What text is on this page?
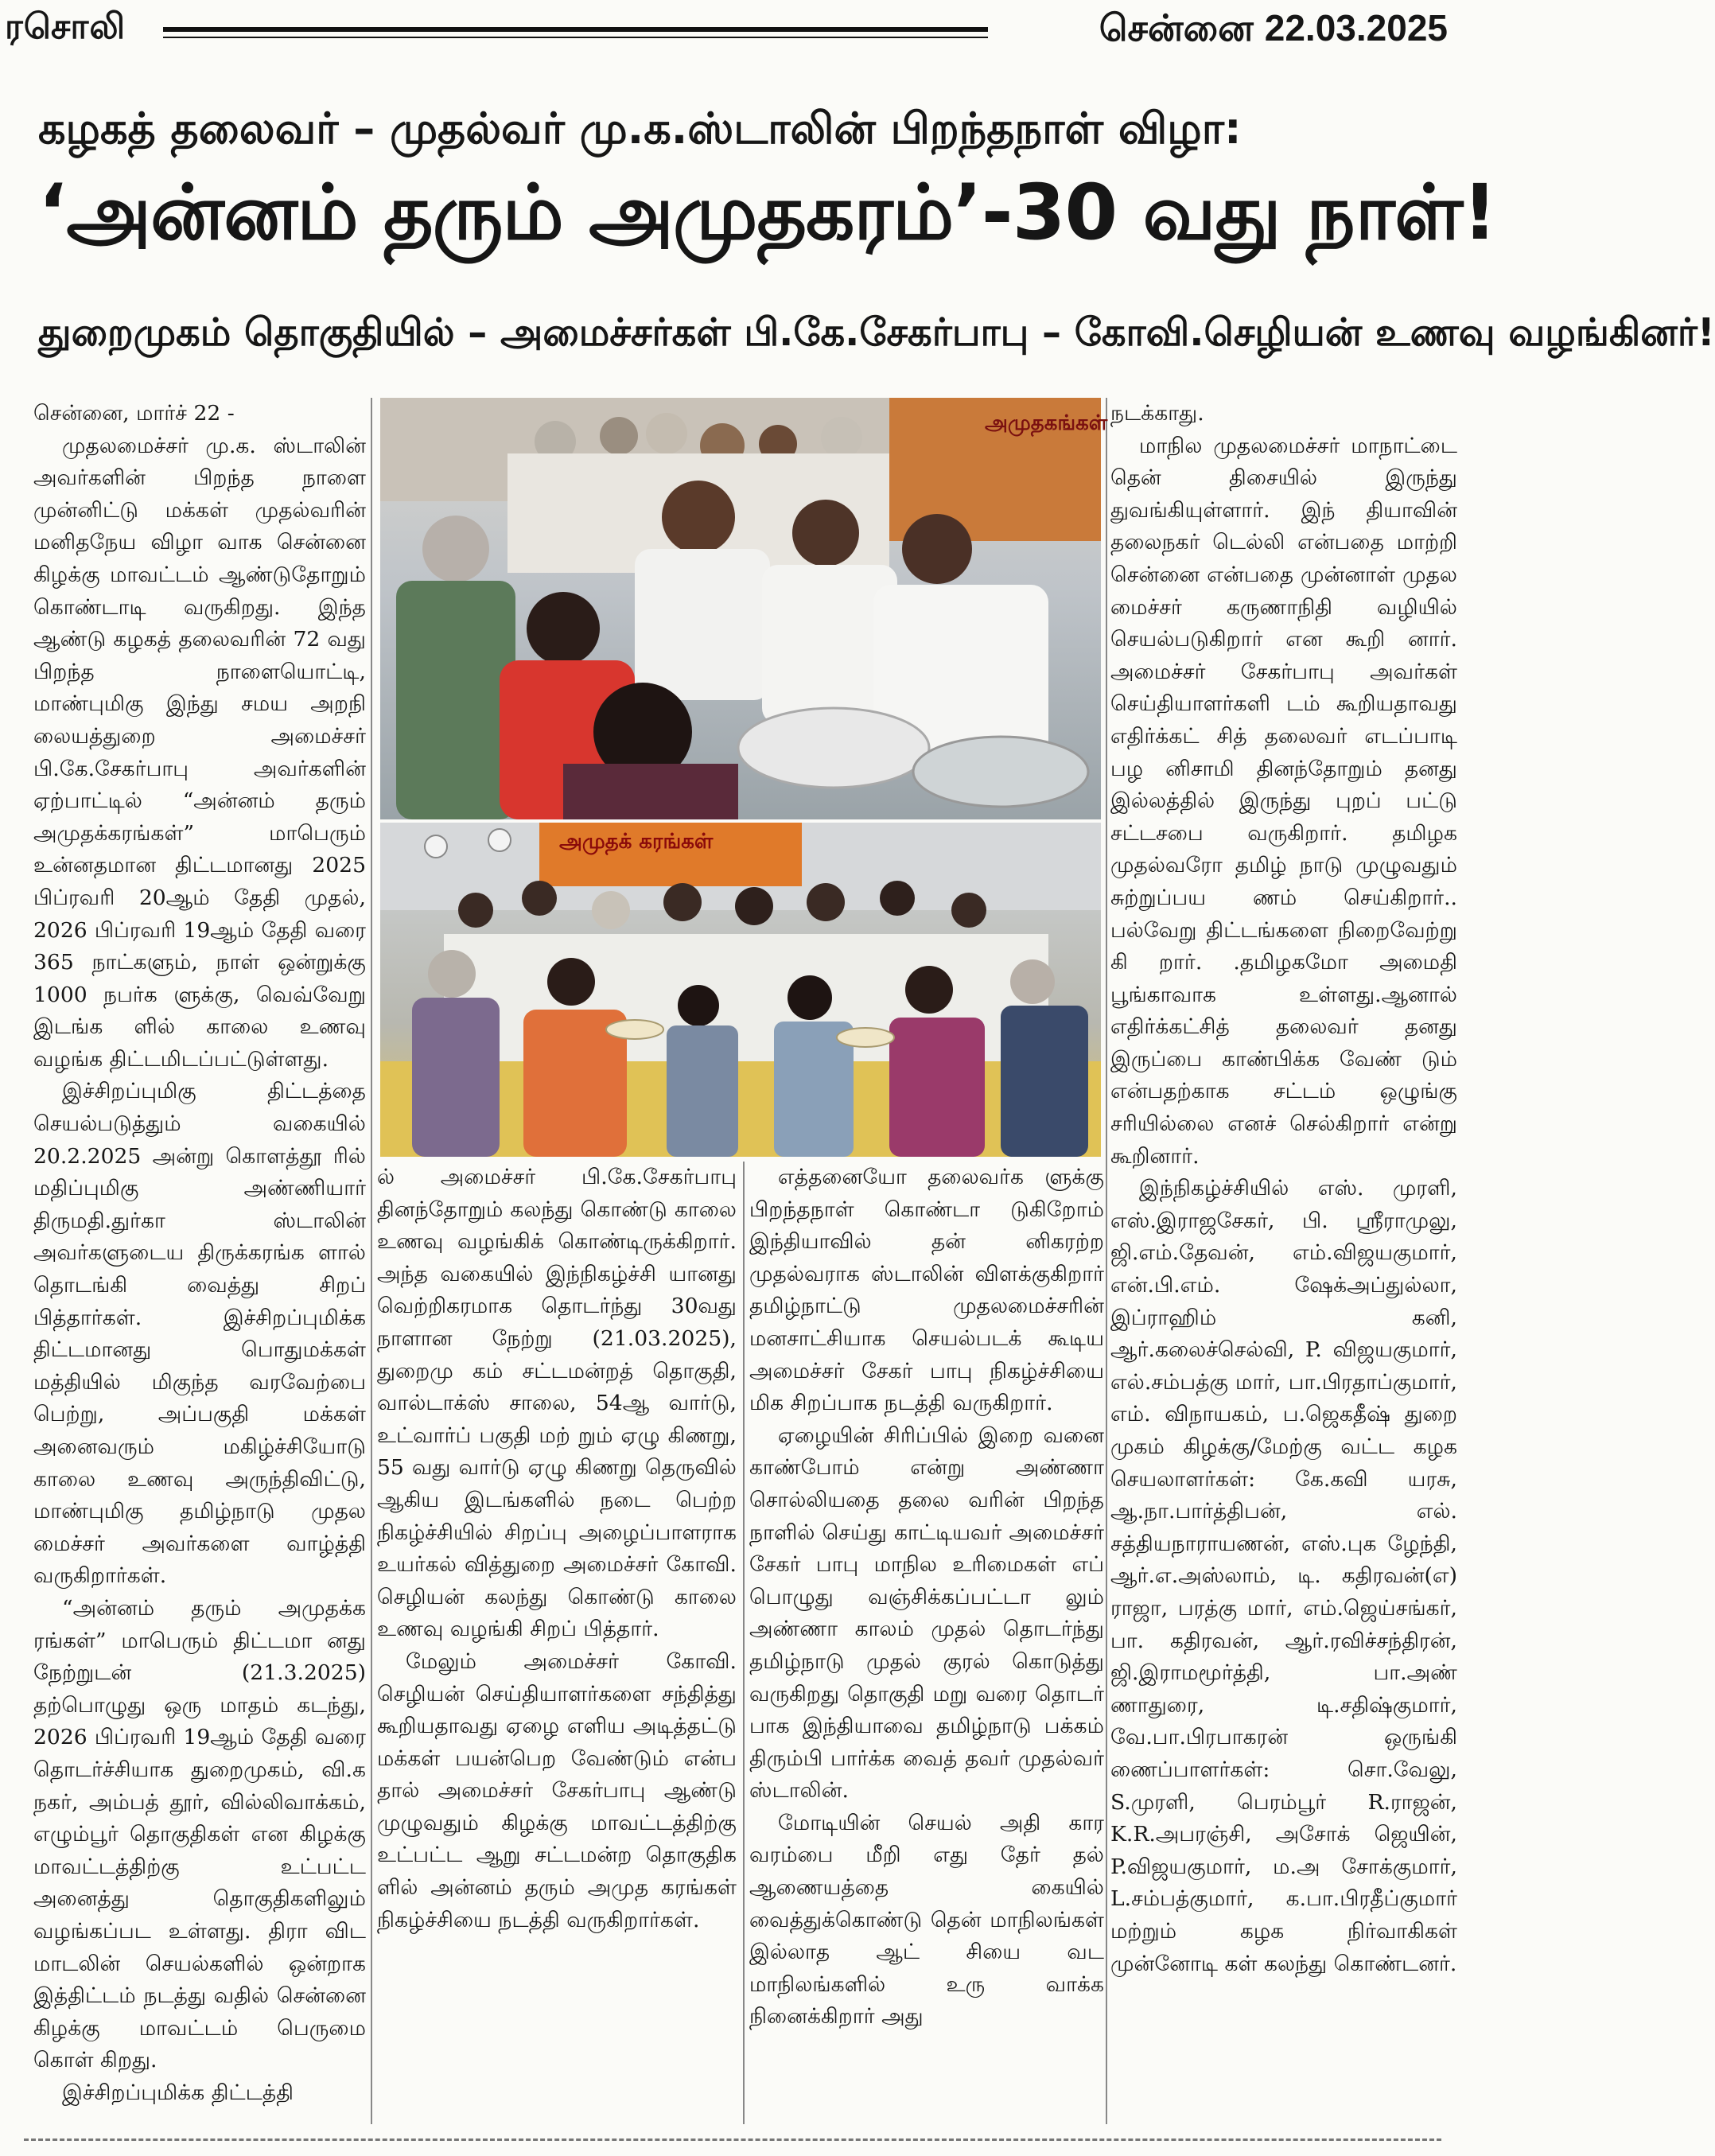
ரசொலி	சென்னை 22.03.2025
கழகத் தலைவர் – முதல்வர் மு.க.ஸ்டாலின் பிறந்தநாள் விழா:
‘அன்னம் தரும் அமுதகரம்’-30 வது நாள்!
துறைமுகம் தொகுதியில் – அமைச்சர்கள் பி.கே.சேகர்பாபு – கோவி.செழியன் உணவு வழங்கினர்!
அமுதகங்கள்
அமுதக் கரங்கள்

சென்னை, மார்ச் 22 -

முதலமைச்சர் மு.க. ஸ்டாலின் அவர்களின் பிறந்த நாளை முன்னிட்டு மக்கள் முதல்வரின் மனிதநேய விழா வாக சென்னை கிழக்கு மாவட்டம் ஆண்டுதோறும் கொண்டாடி வருகிறது. இந்த ஆண்டு கழகத் தலைவரின் 72 வது பிறந்த நாளையொட்டி, மாண்புமிகு இந்து சமய அறநி லையத்துறை அமைச்சர் பி.கே.சேகர்பாபு அவர்களின் ஏற்பாட்டில் “அன்னம் தரும் அமுதக்கரங்கள்” மாபெரும் உன்னதமான திட்டமானது 2025 பிப்ரவரி 20ஆம் தேதி முதல், 2026 பிப்ரவரி 19ஆம் தேதி வரை 365 நாட்களும், நாள் ஒன்றுக்கு 1000 நபர்க ளுக்கு, வெவ்வேறு இடங்க ளில் காலை உணவு வழங்க திட்டமிடப்பட்டுள்ளது.

இச்சிறப்புமிகு திட்டத்தை செயல்படுத்தும் வகையில் 20.2.2025 அன்று கொளத்தூ ரில் மதிப்புமிகு அண்ணியார் திருமதி.துர்கா ஸ்டாலின் அவர்களுடைய திருக்கரங்க ளால் தொடங்கி வைத்து சிறப் பித்தார்கள். இச்சிறப்புமிக்க திட்டமானது பொதுமக்கள் மத்தியில் மிகுந்த வரவேற்பை பெற்று, அப்பகுதி மக்கள் அனைவரும் மகிழ்ச்சியோடு காலை உணவு அருந்திவிட்டு, மாண்புமிகு தமிழ்நாடு முதல மைச்சர் அவர்களை வாழ்த்தி வருகிறார்கள்.

“அன்னம் தரும் அமுதக்க ரங்கள்” மாபெரும் திட்டமா னது நேற்றுடன் (21.3.2025) தற்பொழுது ஒரு மாதம் கடந்து, 2026 பிப்ரவரி 19ஆம் தேதி வரை தொடர்ச்சியாக துறைமுகம், வி.க நகர், அம்பத் தூர், வில்லிவாக்கம், எழும்பூர் தொகுதிகள் என கிழக்கு மாவட்டத்திற்கு உட்பட்ட அனைத்து தொகுதிகளிலும் வழங்கப்பட உள்ளது. திரா விட மாடலின் செயல்களில் ஒன்றாக இத்திட்டம் நடத்து வதில் சென்னை கிழக்கு மாவட்டம் பெருமை கொள் கிறது.

இச்சிறப்புமிக்க திட்டத்தி

ல் அமைச்சர் பி.கே.சேகர்பாபு தினந்தோறும் கலந்து கொண்டு காலை உணவு வழங்கிக் கொண்டிருக்கிறார். அந்த வகையில் இந்நிகழ்ச்சி யானது வெற்றிகரமாக தொடர்ந்து 30வது நாளான நேற்று (21.03.2025), துறைமு கம் சட்டமன்றத் தொகுதி, வால்டாக்ஸ் சாலை, 54ஆ வார்டு, உட்வார்ப் பகுதி மற் றும் ஏழு கிணறு, 55 வது வார்டு ஏழு கிணறு தெருவில் ஆகிய இடங்களில் நடை பெற்ற நிகழ்ச்சியில் சிறப்பு அழைப்பாளராக உயர்கல் வித்துறை அமைச்சர் கோவி. செழியன் கலந்து கொண்டு காலை உணவு வழங்கி சிறப் பித்தார்.

மேலும் அமைச்சர் கோவி. செழியன் செய்தியாளர்களை சந்தித்து கூறியதாவது ஏழை எளிய அடித்தட்டு மக்கள் பயன்பெற வேண்டும் என்ப தால் அமைச்சர் சேகர்பாபு ஆண்டு முழுவதும் கிழக்கு மாவட்டத்திற்கு உட்பட்ட ஆறு சட்டமன்ற தொகுதிக ளில் அன்னம் தரும் அமுத கரங்கள் நிகழ்ச்சியை நடத்தி வருகிறார்கள்.

எத்தனையோ தலைவர்க ளுக்கு பிறந்தநாள் கொண்டா டுகிறோம் இந்தியாவில் தன் னிகரற்ற முதல்வராக ஸ்டாலின் விளக்குகிறார் தமிழ்நாட்டு முதலமைச்சரின் மனசாட்சியாக செயல்படக் கூடிய அமைச்சர் சேகர் பாபு நிகழ்ச்சியை மிக சிறப்பாக நடத்தி வருகிறார்.

ஏழையின் சிரிப்பில் இறை வனை காண்போம் என்று அண்ணா சொல்லியதை தலை வரின் பிறந்த நாளில் செய்து காட்டியவர் அமைச்சர் சேகர் பாபு மாநில உரிமைகள் எப் பொழுது வஞ்சிக்கப்பட்டா லும் அண்ணா காலம் முதல் தொடர்ந்து தமிழ்நாடு முதல் குரல் கொடுத்து வருகிறது தொகுதி மறு வரை தொடர் பாக இந்தியாவை தமிழ்நாடு பக்கம் திரும்பி பார்க்க வைத் தவர் முதல்வர் ஸ்டாலின்.

மோடியின் செயல் அதி கார வரம்பை மீறி எது தேர் தல் ஆணையத்தை கையில் வைத்துக்கொண்டு தென் மாநிலங்கள் இல்லாத ஆட் சியை வட மாநிலங்களில் உரு வாக்க நினைக்கிறார் அது

நடக்காது.

மாநில முதலமைச்சர் மாநாட்டை தென் திசையில் இருந்து துவங்கியுள்ளார். இந் தியாவின் தலைநகர் டெல்லி என்பதை மாற்றி சென்னை என்பதை முன்னாள் முதல மைச்சர் கருணாநிதி வழியில் செயல்படுகிறார் என கூறி னார். அமைச்சர் சேகர்பாபு அவர்கள் செய்தியாளர்களி டம் கூறியதாவது எதிர்க்கட் சித் தலைவர் எடப்பாடி பழ னிசாமி தினந்தோறும் தனது இல்லத்தில் இருந்து புறப் பட்டு சட்டசபை வருகிறார். தமிழக முதல்வரோ தமிழ் நாடு முழுவதும் சுற்றுப்பய ணம் செய்கிறார்.. பல்வேறு திட்டங்களை நிறைவேற்று கி றார். .தமிழகமோ அமைதி பூங்காவாக உள்ளது.ஆனால் எதிர்க்கட்சித் தலைவர் தனது இருப்பை காண்பிக்க வேண் டும் என்பதற்காக சட்டம் ஒழுங்கு சரியில்லை எனச் செல்கிறார் என்று கூறினார்.

இந்நிகழ்ச்சியில் எஸ். முரளி, எஸ்.இராஜசேகர், பி. ஸ்ரீராமுலு, ஜி.எம்.தேவன், எம்.விஜயகுமார், என்.பி.எம். ஷேக்அப்துல்லா, இப்ராஹிம் கனி, ஆர்.கலைச்செல்வி, P. விஜயகுமார், எல்.சம்பத்கு மார், பா.பிரதாப்குமார், எம். விநாயகம், ப.ஜெகதீஷ் துறை முகம் கிழக்கு/மேற்கு வட்ட கழக செயலாளர்கள்: கே.கவி யரசு, ஆ.நா.பார்த்திபன், எல். சத்தியநாராயணன், எஸ்.புக ழேந்தி, ஆர்.எ.அஸ்லாம், டி. கதிரவன்(எ) ராஜா, பரத்கு மார், எம்.ஜெய்சங்கர், பா. கதிரவன், ஆர்.ரவிச்சந்திரன், ஜி.இராமமூர்த்தி, பா.அண் ணாதுரை, டி.சதிஷ்குமார், வே.பா.பிரபாகரன் ஒருங்கி ணைப்பாளர்கள்: சொ.வேலு, S.முரளி, பெரம்பூர் R.ராஜன், K.R.அபரஞ்சி, அசோக் ஜெயின், P.விஜயகுமார், ம.அ சோக்குமார், L.சம்பத்குமார், க.பா.பிரதீப்குமார் மற்றும் கழக நிர்வாகிகள் முன்னோடி கள் கலந்து கொண்டனர்.
